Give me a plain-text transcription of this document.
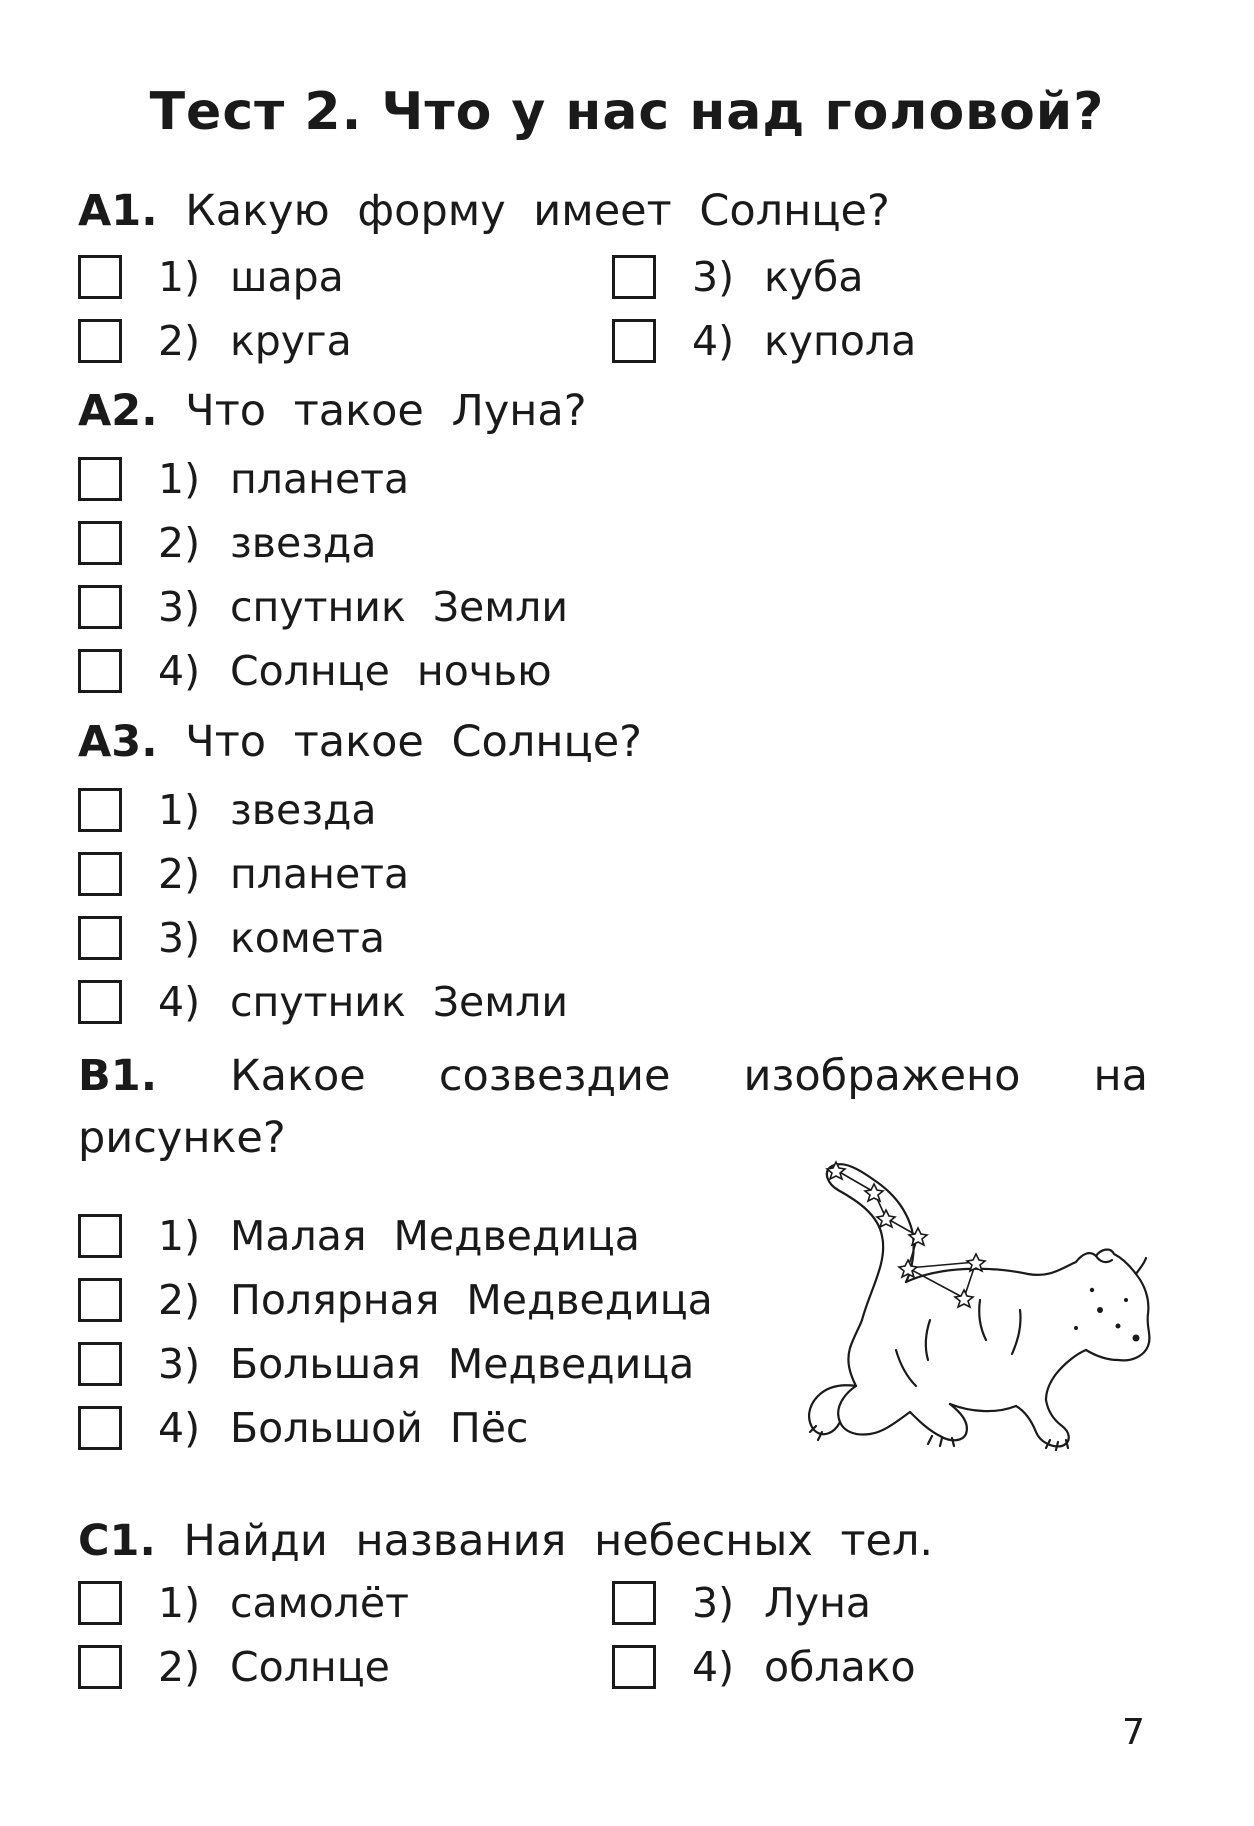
Тест 2. Что у нас над головой?
А1. Какую форму имеет Солнце?
1) шара
2) круга
3) куба
4) купола
А2. Что такое Луна?
1) планета
2) звезда
3) спутник Земли
4) Солнце ночью
А3. Что такое Солнце?
1) звезда
2) планета
3) комета
4) спутник Земли
В1. Какое созвездие изображено на рисунке?
1) Малая Медведица
2) Полярная Медведица
3) Большая Медведица
4) Большой Пёс
С1. Найди названия небесных тел.
1) самолёт
2) Солнце
3) Луна
4) облако
7
